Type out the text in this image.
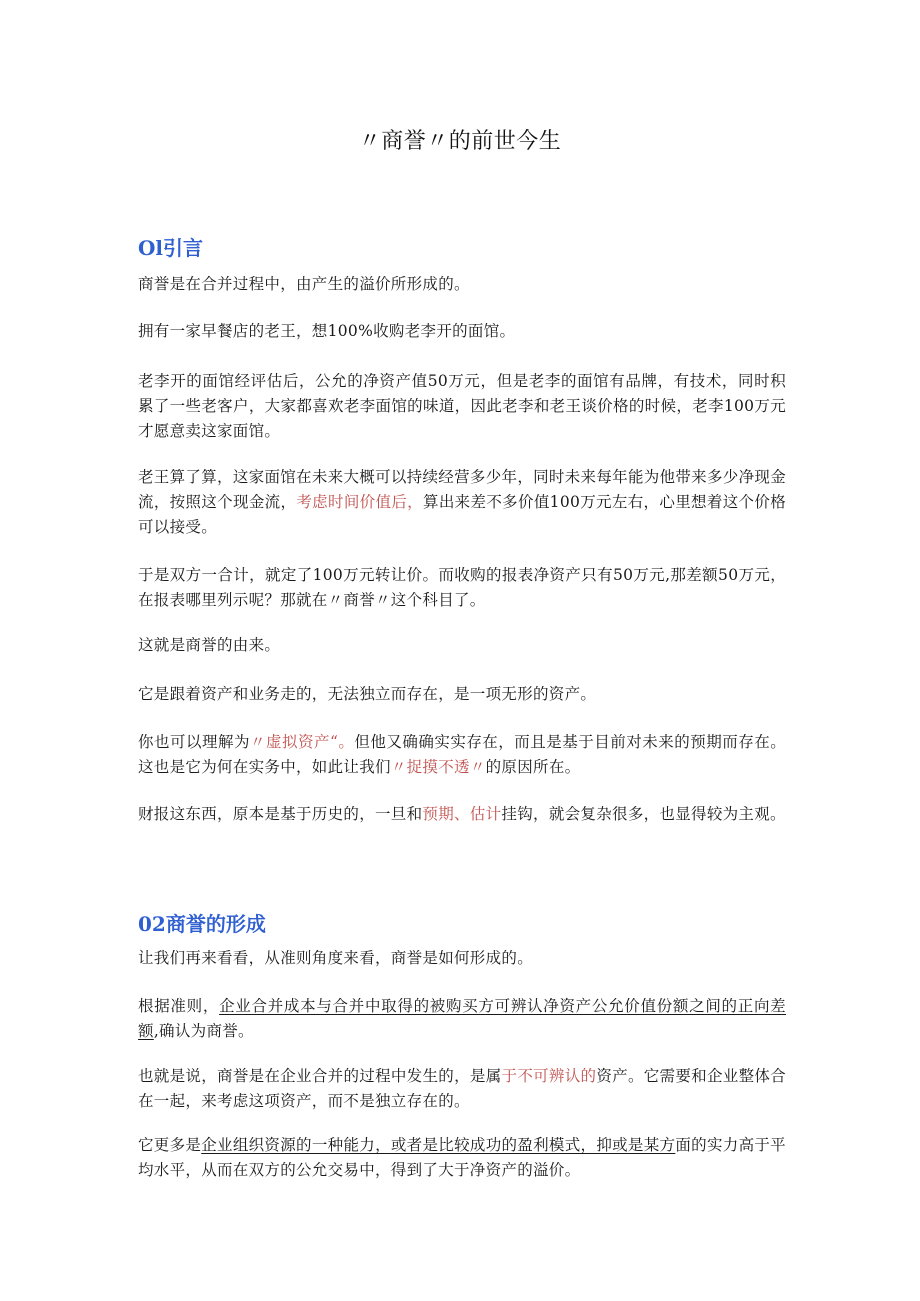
〃商誉〃的前世今生
Ol引言

商誉是在合并过程中，由产生的溢价所形成的。

拥有一家早餐店的老王，想100%收购老李开的面馆。

老李开的面馆经评估后，公允的净资产值50万元，但是老李的面馆有品牌，有技术，同时积累了一些老客户，大家都喜欢老李面馆的味道，因此老李和老王谈价格的时候，老李100万元才愿意卖这家面馆。

老王算了算，这家面馆在未来大概可以持续经营多少年，同时未来每年能为他带来多少净现金流，按照这个现金流，考虑时间价值后，算出来差不多价值100万元左右，心里想着这个价格可以接受。

于是双方一合计，就定了100万元转让价。而收购的报表净资产只有50万元,那差额50万元，在报表哪里列示呢？那就在〃商誉〃这个科目了。

这就是商誉的由来。

它是跟着资产和业务走的，无法独立而存在，是一项无形的资产。

你也可以理解为〃虚拟资产“。但他又确确实实存在，而且是基于目前对未来的预期而存在。这也是它为何在实务中，如此让我们〃捉摸不透〃的原因所在。

财报这东西，原本是基于历史的，一旦和预期、估计挂钩，就会复杂很多，也显得较为主观。

02商誉的形成

让我们再来看看，从准则角度来看，商誉是如何形成的。

根据准则，企业合并成本与合并中取得的被购买方可辨认净资产公允价值份额之间的正向差额,确认为商誉。

也就是说，商誉是在企业合并的过程中发生的，是属于不可辨认的资产。它需要和企业整体合在一起，来考虑这项资产，而不是独立存在的。

它更多是企业组织资源的一种能力，或者是比较成功的盈利模式，抑或是某方面的实力高于平均水平，从而在双方的公允交易中，得到了大于净资产的溢价。
